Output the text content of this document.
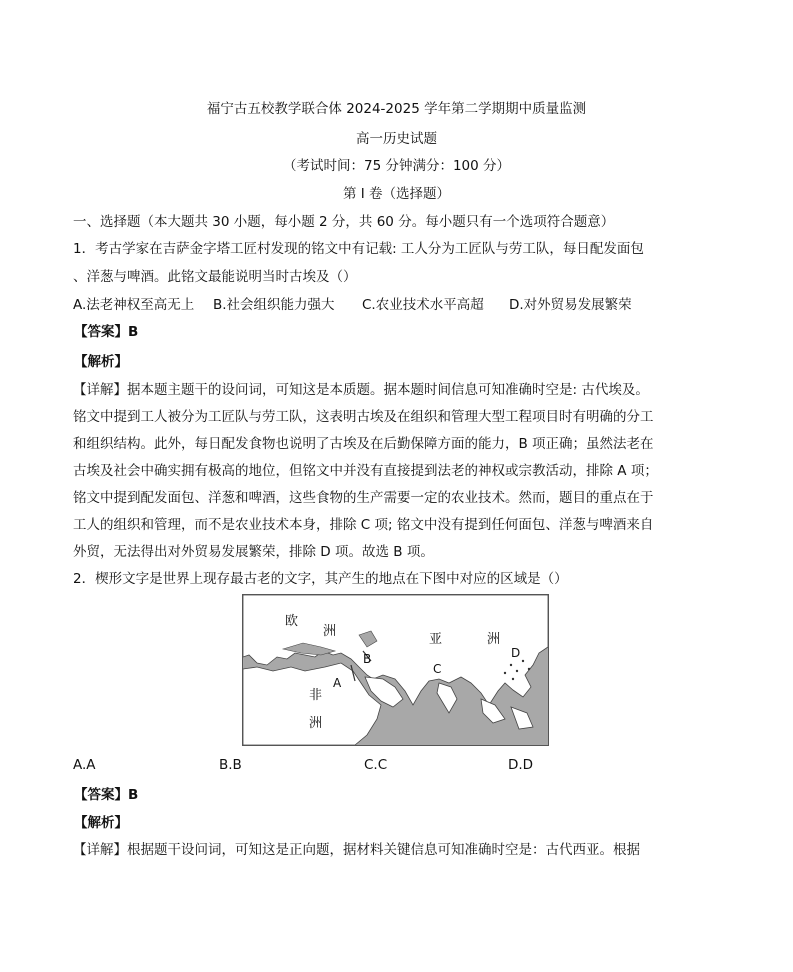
福宁古五校教学联合体 2024-2025 学年第二学期期中质量监测
高一历史试题
（考试时间：75 分钟满分：100 分）
第 I 卷（选择题）
一、选择题（本大题共 30 小题，每小题 2 分，共 60 分。每小题只有一个选项符合题意）
1．考古学家在吉萨金字塔工匠村发现的铭文中有记载: 工人分为工匠队与劳工队，每日配发面包
、洋葱与啤酒。此铭文最能说明当时古埃及（）
A.法老神权至高无上 B.社会组织能力强大 C.农业技术水平高超 D.对外贸易发展繁荣
【答案】B
【解析】
【详解】据本题主题干的设问词，可知这是本质题。据本题时间信息可知准确时空是: 古代埃及。
铭文中提到工人被分为工匠队与劳工队，这表明古埃及在组织和管理大型工程项目时有明确的分工
和组织结构。此外，每日配发食物也说明了古埃及在后勤保障方面的能力，B 项正确；虽然法老在
古埃及社会中确实拥有极高的地位，但铭文中并没有直接提到法老的神权或宗教活动，排除 A 项；
铭文中提到配发面包、洋葱和啤酒，这些食物的生产需要一定的农业技术。然而，题目的重点在于
工人的组织和管理，而不是农业技术本身，排除 C 项; 铭文中没有提到任何面包、洋葱与啤酒来自
外贸，无法得出对外贸易发展繁荣，排除 D 项。故选 B 项。
2．楔形文字是世界上现存最古老的文字，其产生的地点在下图中对应的区域是（）
欧
洲
亚	洲
非
洲
A
B
C
D
A.A	B.B	C.C	D.D
【答案】B
【解析】
【详解】根据题干设问词，可知这是正向题，据材料关键信息可知准确时空是：古代西亚。根据
